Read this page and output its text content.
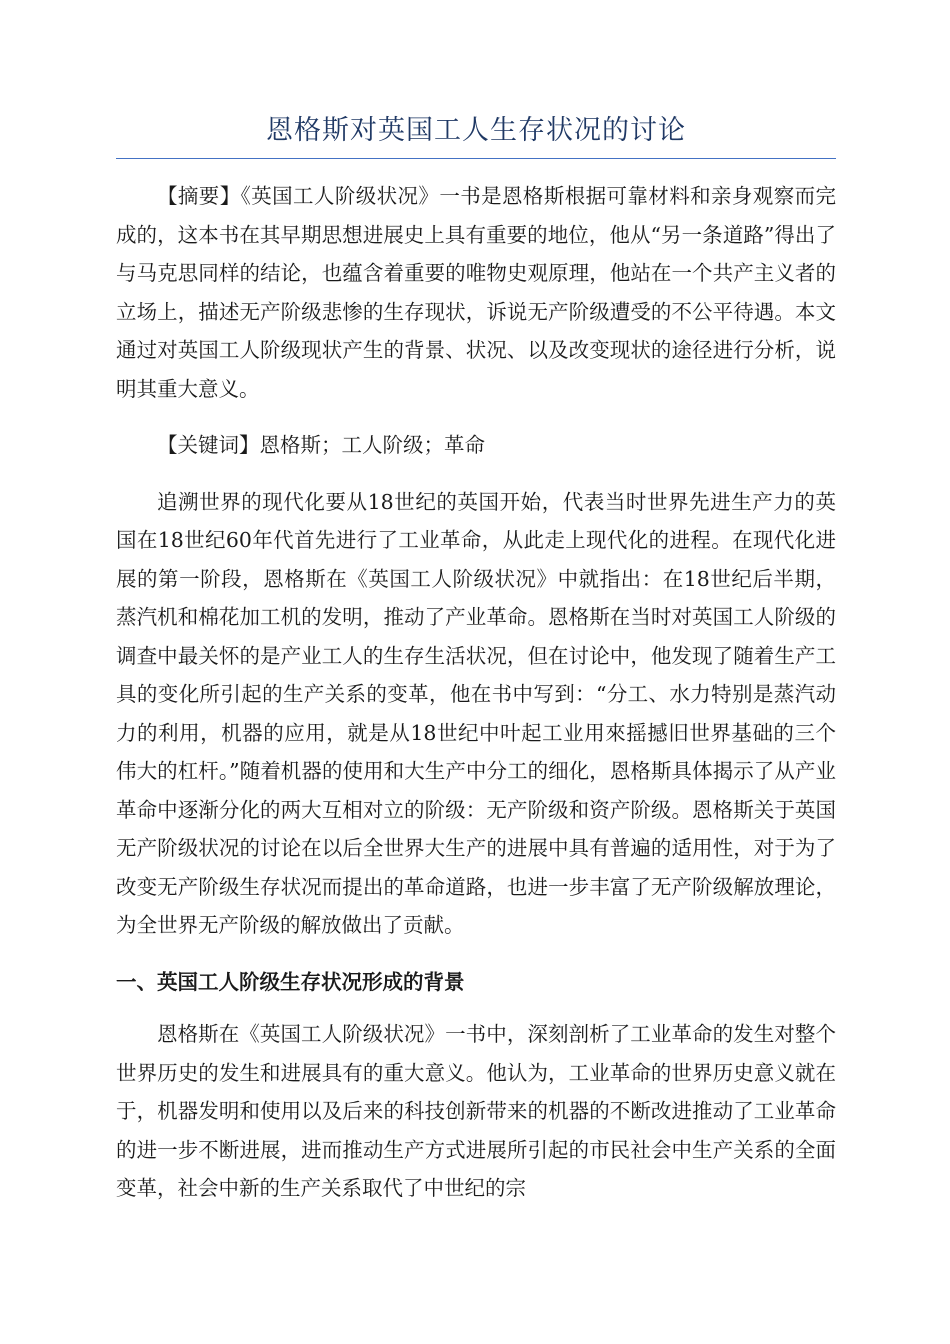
恩格斯对英国工人生存状况的讨论

【摘要】《英国工人阶级状况》一书是恩格斯根据可靠材料和亲身观察而完成的，这本书在其早期思想进展史上具有重要的地位，他从“另一条道路”得出了与马克思同样的结论，也蕴含着重要的唯物史观原理，他站在一个共产主义者的立场上，描述无产阶级悲惨的生存现状，诉说无产阶级遭受的不公平待遇。本文通过对英国工人阶级现状产生的背景、状况、以及改变现状的途径进行分析，说明其重大意义。

【关键词】恩格斯；工人阶级；革命

追溯世界的现代化要从18世纪的英国开始，代表当时世界先进生产力的英国在18世纪60年代首先进行了工业革命，从此走上现代化的进程。在现代化进展的第一阶段，恩格斯在《英国工人阶级状况》中就指出：在18世纪后半期，蒸汽机和棉花加工机的发明，推动了产业革命。恩格斯在当时对英国工人阶级的调查中最关怀的是产业工人的生存生活状况，但在讨论中，他发现了随着生产工具的变化所引起的生产关系的变革，他在书中写到：“分工、水力特别是蒸汽动力的利用，机器的应用，就是从18世纪中叶起工业用來摇撼旧世界基础的三个伟大的杠杆。”随着机器的使用和大生产中分工的细化，恩格斯具体揭示了从产业革命中逐渐分化的两大互相对立的阶级：无产阶级和资产阶级。恩格斯关于英国无产阶级状况的讨论在以后全世界大生产的进展中具有普遍的适用性，对于为了改变无产阶级生存状况而提出的革命道路，也进一步丰富了无产阶级解放理论，为全世界无产阶级的解放做出了贡献。

一、英国工人阶级生存状况形成的背景

恩格斯在《英国工人阶级状况》一书中，深刻剖析了工业革命的发生对整个世界历史的发生和进展具有的重大意义。他认为，工业革命的世界历史意义就在于，机器发明和使用以及后来的科技创新带来的机器的不断改进推动了工业革命的进一步不断进展，进而推动生产方式进展所引起的市民社会中生产关系的全面变革，社会中新的生产关系取代了中世纪的宗
